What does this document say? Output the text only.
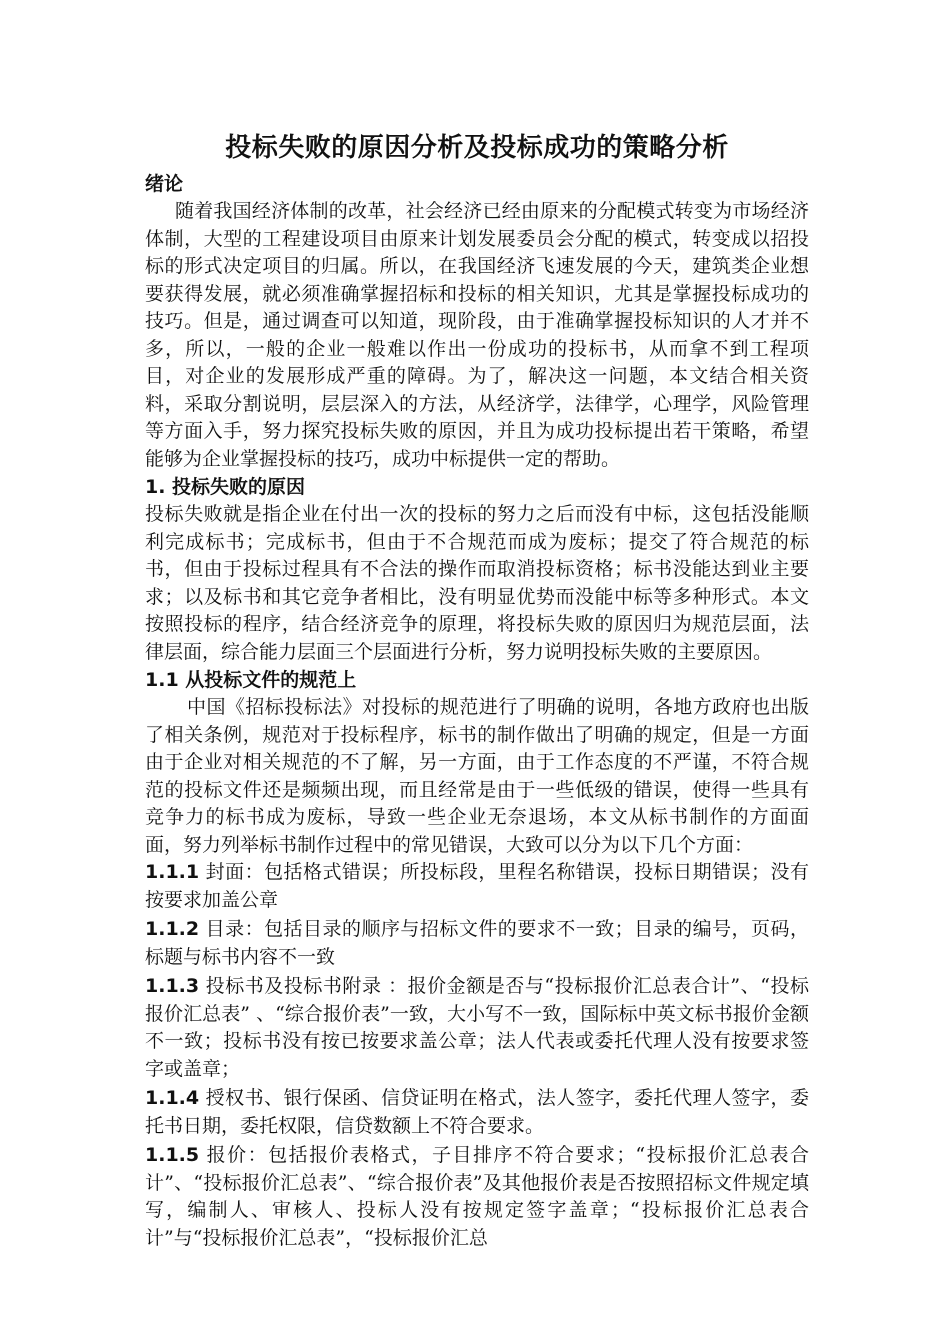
投标失败的原因分析及投标成功的策略分析
绪论

随着我国经济体制的改革，社会经济已经由原来的分配模式转变为市场经济体制，大型的工程建设项目由原来计划发展委员会分配的模式，转变成以招投标的形式决定项目的归属。所以，在我国经济飞速发展的今天，建筑类企业想要获得发展，就必须准确掌握招标和投标的相关知识，尤其是掌握投标成功的技巧。但是，通过调查可以知道，现阶段，由于准确掌握投标知识的人才并不多，所以，一般的企业一般难以作出一份成功的投标书，从而拿不到工程项目，对企业的发展形成严重的障碍。为了，解决这一问题，本文结合相关资料，采取分割说明，层层深入的方法，从经济学，法律学，心理学，风险管理等方面入手，努力探究投标失败的原因，并且为成功投标提出若干策略，希望能够为企业掌握投标的技巧，成功中标提供一定的帮助。

1. 投标失败的原因

投标失败就是指企业在付出一次的投标的努力之后而没有中标，这包括没能顺利完成标书；完成标书，但由于不合规范而成为废标；提交了符合规范的标书，但由于投标过程具有不合法的操作而取消投标资格；标书没能达到业主要求；以及标书和其它竞争者相比，没有明显优势而没能中标等多种形式。本文按照投标的程序，结合经济竞争的原理，将投标失败的原因归为规范层面，法律层面，综合能力层面三个层面进行分析，努力说明投标失败的主要原因。

1.1 从投标文件的规范上

中国《招标投标法》对投标的规范进行了明确的说明，各地方政府也出版了相关条例，规范对于投标程序，标书的制作做出了明确的规定，但是一方面由于企业对相关规范的不了解，另一方面，由于工作态度的不严谨，不符合规范的投标文件还是频频出现，而且经常是由于一些低级的错误，使得一些具有竞争力的标书成为废标，导致一些企业无奈退场，本文从标书制作的方面面面，努力列举标书制作过程中的常见错误，大致可以分为以下几个方面：

1.1.1 封面：包括格式错误；所投标段，里程名称错误，投标日期错误；没有按要求加盖公章

1.1.2 目录：包括目录的顺序与招标文件的要求不一致；目录的编号，页码，标题与标书内容不一致

1.1.3 投标书及投标书附录 ：报价金额是否与“投标报价汇总表合计”、“投标报价汇总表” 、“综合报价表”一致，大小写不一致，国际标中英文标书报价金额不一致；投标书没有按已按要求盖公章；法人代表或委托代理人没有按要求签字或盖章；

1.1.4 授权书、银行保函、信贷证明在格式，法人签字，委托代理人签字，委托书日期，委托权限，信贷数额上不符合要求。

1.1.5 报价：包括报价表格式，子目排序不符合要求；“投标报价汇总表合计”、“投标报价汇总表”、“综合报价表”及其他报价表是否按照招标文件规定填写，编制人、审核人、投标人没有按规定签字盖章；“投标报价汇总表合计”与“投标报价汇总表”，“投标报价汇总
